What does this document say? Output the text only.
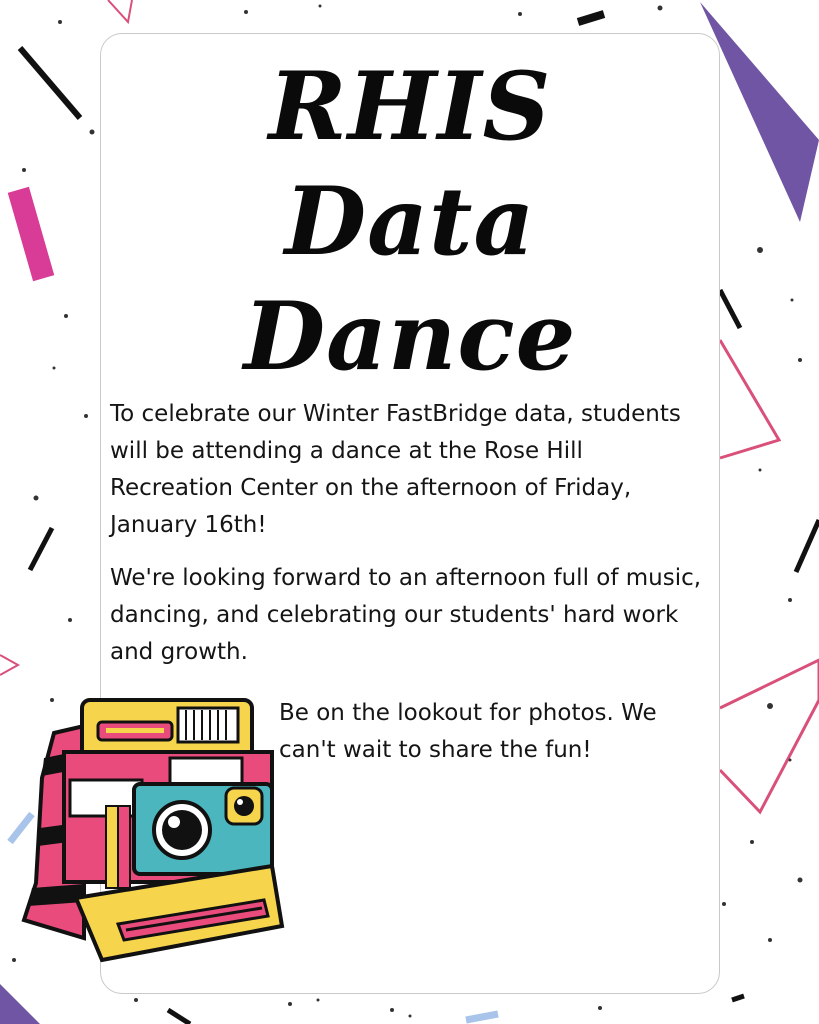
RHIS
Data
Dance

To celebrate our Winter FastBridge data, students will be attending a dance at the Rose Hill Recreation Center on the afternoon of Friday, January 16th!

We're looking forward to an afternoon full of music, dancing, and celebrating our students' hard work and growth.

Be on the lookout for photos. We can't wait to share the fun!
